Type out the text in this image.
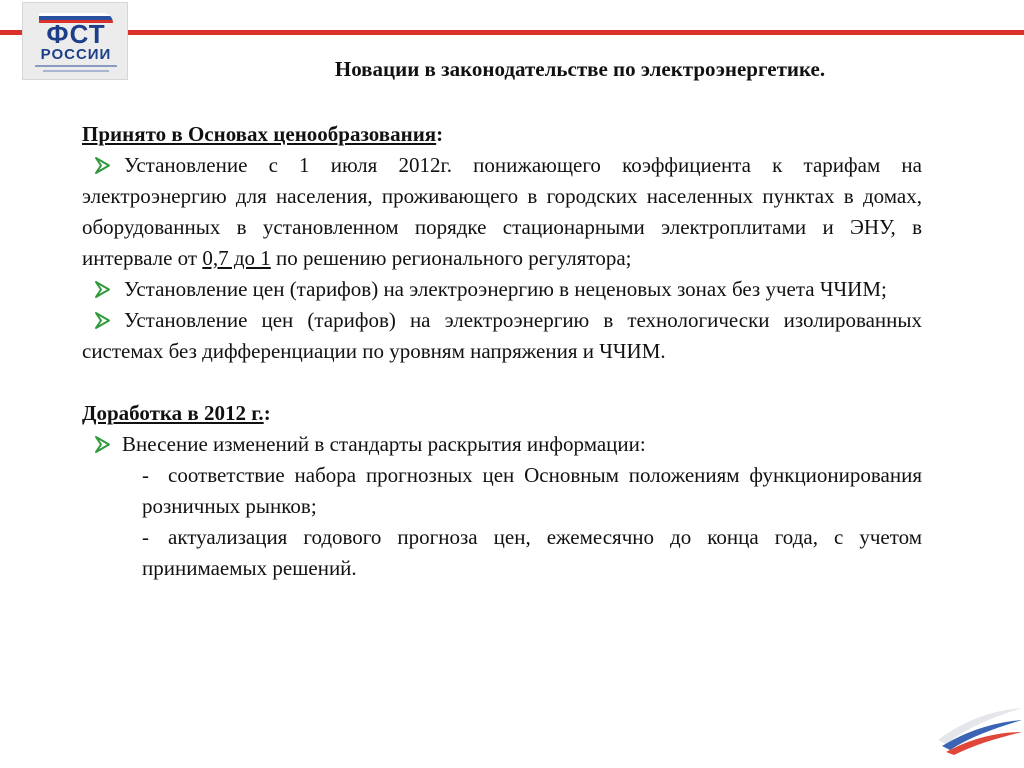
ФСТ
РОССИИ
Новации в законодательстве по электроэнергетике.

Принято в Основах ценообразования:

Установление с 1 июля 2012г. понижающего коэффициента к тарифам на электроэнергию для населения, проживающего в городских населенных пунктах в домах, оборудованных в установленном порядке стационарными электроплитами и ЭНУ, в интервале от 0,7 до 1 по решению регионального регулятора;

Установление цен (тарифов) на электроэнергию в неценовых зонах без учета ЧЧИМ;

Установление цен (тарифов) на электроэнергию в технологически изолированных системах без дифференциации по уровням напряжения и ЧЧИМ.

Доработка в 2012 г.:

Внесение изменений в стандарты раскрытия информации:

- соответствие набора прогнозных цен Основным положениям функционирования розничных рынков;

- актуализация годового прогноза цен, ежемесячно до конца года, с учетом принимаемых решений.
